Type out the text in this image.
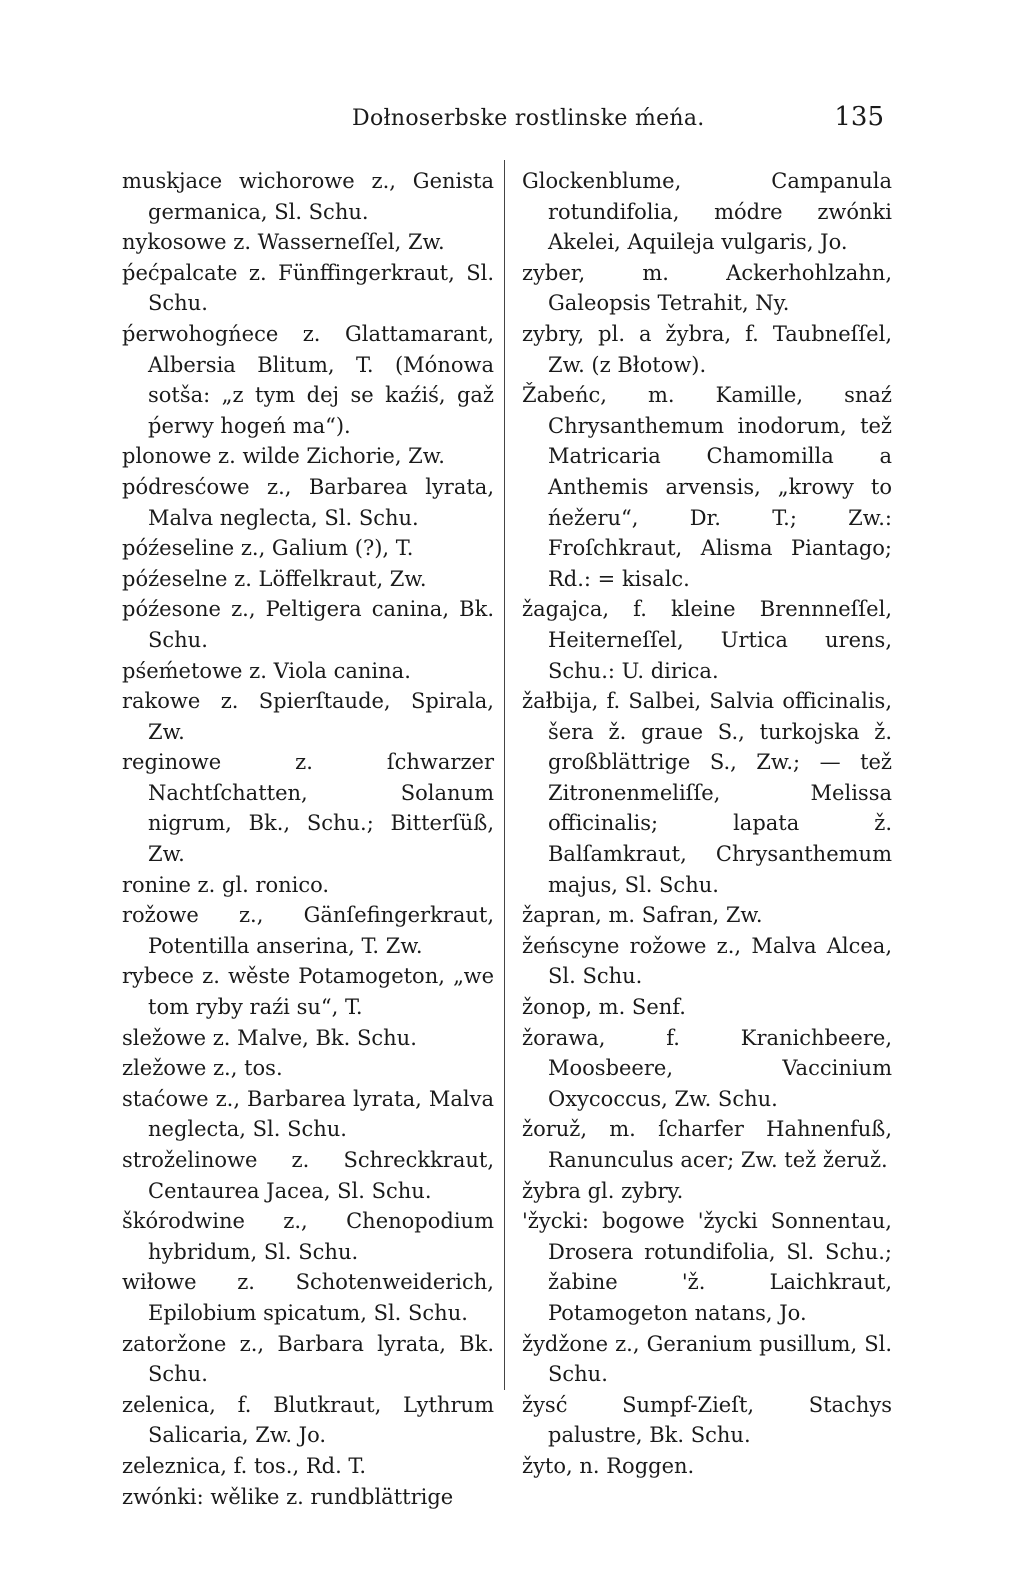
Dołnoserbske rostlinske ḿeńa.	135
muskjace wichorowe z., Genista germanica, Sl. Schu.
nykosowe z. Wasserneſſel, Zw.
ṕećpalcate z. Fünffingerkraut, Sl. Schu.
ṕerwohogńece z. Glattamarant, Albersia Blitum, T. (Mónowa sotša: „z tym dej se kaźiś, gaž ṕerwy hogeń ma“).
plonowe z. wilde Zichorie, Zw.
pódresćowe z., Barbarea lyrata, Malva neglecta, Sl. Schu.
późeseline z., Galium (?), T.
późeselne z. Löffelkraut, Zw.
późesone z., Peltigera canina, Bk. Schu.
pśeḿetowe z. Viola canina.
rakowe z. Spierſtaude, Spirala, Zw.
reginowe z. ſchwarzer Nachtſchatten, Solanum nigrum, Bk., Schu.; Bitterſüß, Zw.
ronine z. gl. ronico.
rožowe z., Gänſefingerkraut, Potentilla anserina, T. Zw.
rybece z. wěste Potamogeton, „we tom ryby raźi su“, T.
sležowe z. Malve, Bk. Schu.
zležowe z., tos.
staćowe z., Barbarea lyrata, Malva neglecta, Sl. Schu.
stroželinowe z. Schreckkraut, Centaurea Jacea, Sl. Schu.
škórodwine z., Chenopodium hybridum, Sl. Schu.
wiłowe z. Schotenweiderich, Epilobium spicatum, Sl. Schu.
zatoržone z., Barbara lyrata, Bk. Schu.
zelenica, f. Blutkraut, Lythrum Salicaria, Zw. Jo.
zeleznica, f. tos., Rd. T.
zwónki: wělike z. rundblättrige
Glockenblume, Campanula rotundifolia, módre zwónki Akelei, Aquileja vulgaris, Jo.
zyber, m. Ackerhohlzahn, Galeopsis Tetrahit, Ny.
zybry, pl. a žybra, f. Taubneſſel, Zw. (z Błotow).
Žabeńc, m. Kamille, snaź Chrysanthemum inodorum, tež Matricaria Chamomilla a Anthemis arvensis, „krowy to ńežeru“, Dr. T.; Zw.: Froſchkraut, Alisma Piantago; Rd.: = kisalc.
žagajca, f. kleine Brennneſſel, Heiterneſſel, Urtica urens, Schu.: U. dirica.
žałbija, f. Salbei, Salvia officinalis, šera ž. graue S., turkojska ž. großblättrige S., Zw.; — tež Zitronenmeliſſe, Melissa officinalis; lapata ž. Balſamkraut, Chrysanthemum majus, Sl. Schu.
žapran, m. Safran, Zw.
žeńscyne rožowe z., Malva Alcea, Sl. Schu.
žonop, m. Senf.
žorawa, f. Kranichbeere, Moosbeere, Vaccinium Oxycoccus, Zw. Schu.
žoruž, m. ſcharfer Hahnenfuß, Ranunculus acer; Zw. tež žeruž.
žybra gl. zybry.
'žycki: bogowe 'žycki Sonnentau, Drosera rotundifolia, Sl. Schu.; žabine 'ž. Laichkraut, Potamogeton natans, Jo.
žydžone z., Geranium pusillum, Sl. Schu.
žysć Sumpf-Zieſt, Stachys palustre, Bk. Schu.
žyto, n. Roggen.
